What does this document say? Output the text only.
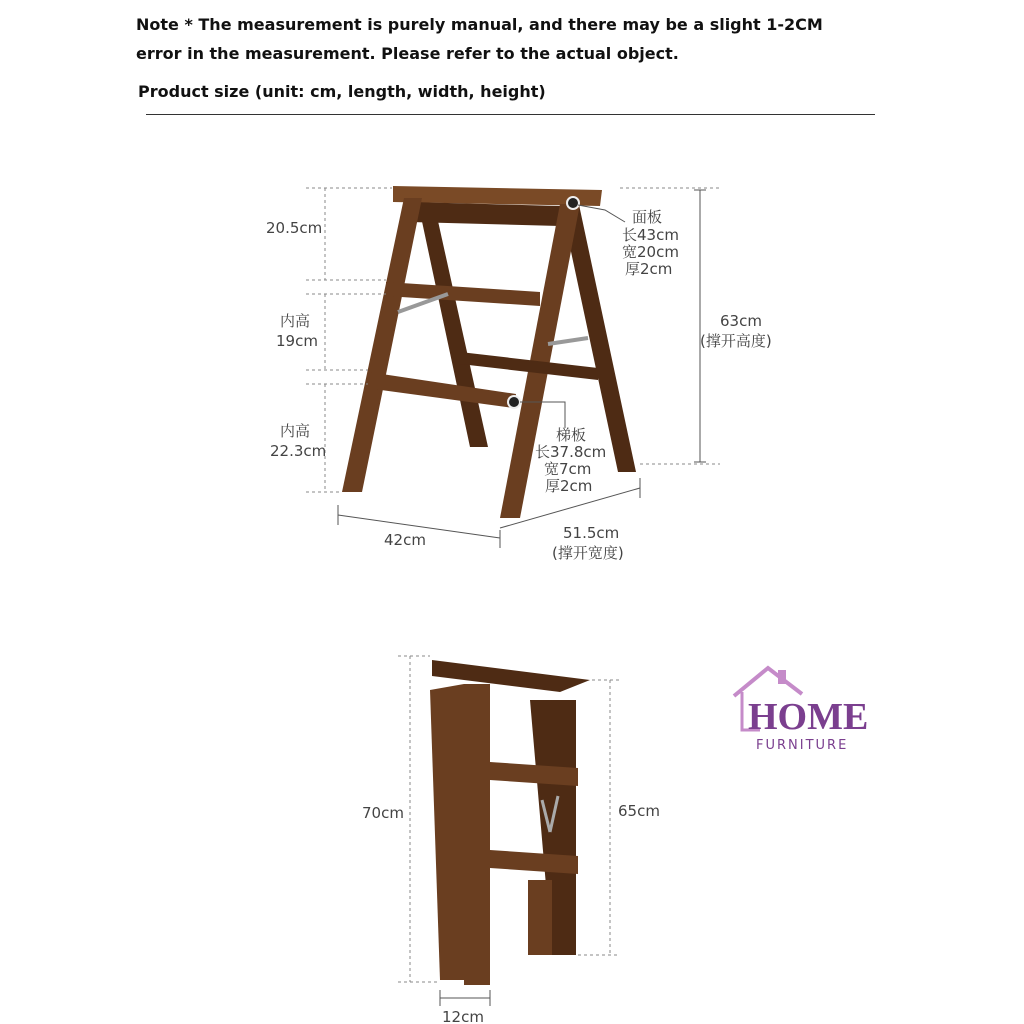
Note * The measurement is purely manual, and there may be a slight 1-2CM
error in the measurement. Please refer to the actual object.
Product size (unit: cm, length, width, height)
20.5cm
内高
19cm
内高
22.3cm
面板
长43cm
宽20cm
厚2cm
梯板
长37.8cm
宽7cm
厚2cm
63cm
(撑开高度)
42cm	51.5cm
(撑开宽度)
70cm	65cm
12cm
HOME
FURNITURE
